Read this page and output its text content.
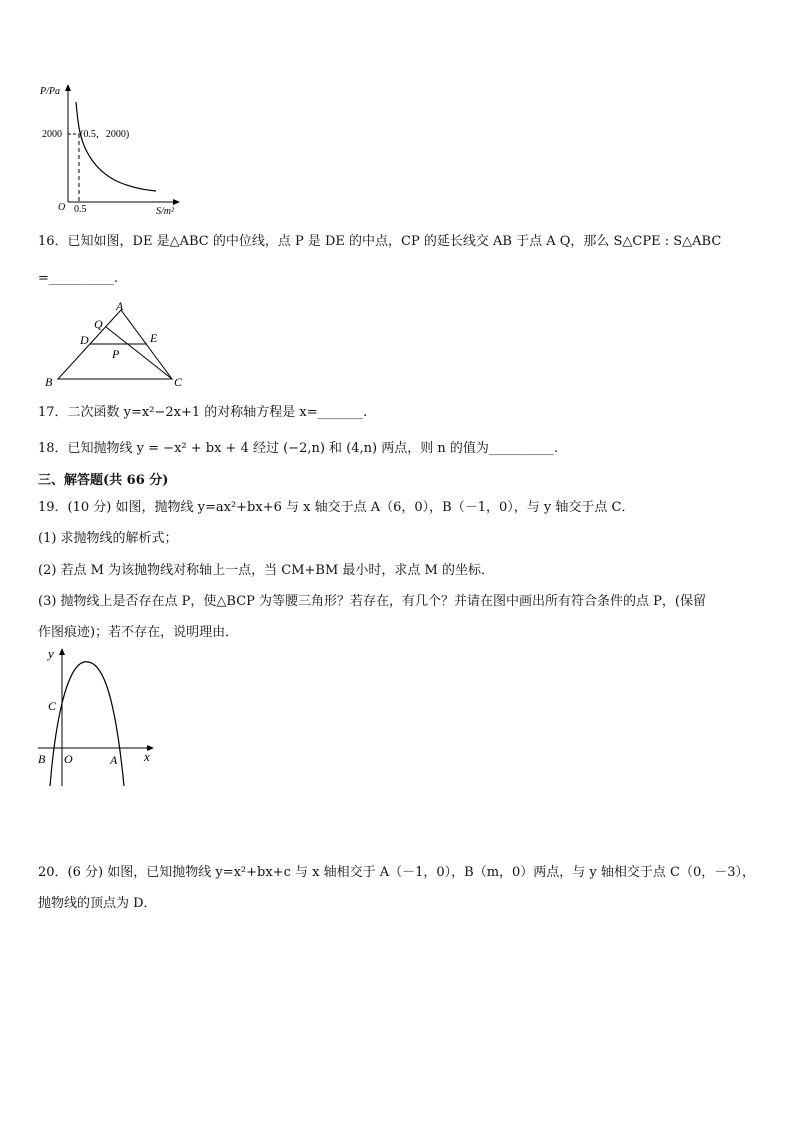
P/Pa
2000 (0.5，2000)
O 0.5	S/m²
16．已知如图，DE 是△ABC 的中位线，点 P 是 DE 的中点，CP 的延长线交 AB 于点 A Q，那么 S△CPE : S△ABC
=__________.
A
Q
D	E
P
B	C
17．二次函数 y=x²−2x+1 的对称轴方程是 x=_______.
18．已知抛物线 y = −x² + bx + 4 经过 (−2,n) 和 (4,n) 两点，则 n 的值为__________.
三、解答题(共 66 分)
19．(10 分) 如图，抛物线 y=ax²+bx+6 与 x 轴交于点 A（6，0），B（－1，0），与 y 轴交于点 C．
(1) 求抛物线的解析式；
(2) 若点 M 为该抛物线对称轴上一点，当 CM+BM 最小时，求点 M 的坐标．
(3) 抛物线上是否存在点 P，使△BCP 为等腰三角形？若存在，有几个？并请在图中画出所有符合条件的点 P，(保留
作图痕迹)；若不存在，说明理由．
y
C
B O	A x
20．(6 分) 如图，已知抛物线 y=x²+bx+c 与 x 轴相交于 A（－1，0），B（m，0）两点，与 y 轴相交于点 C（0，－3），
抛物线的顶点为 D．
